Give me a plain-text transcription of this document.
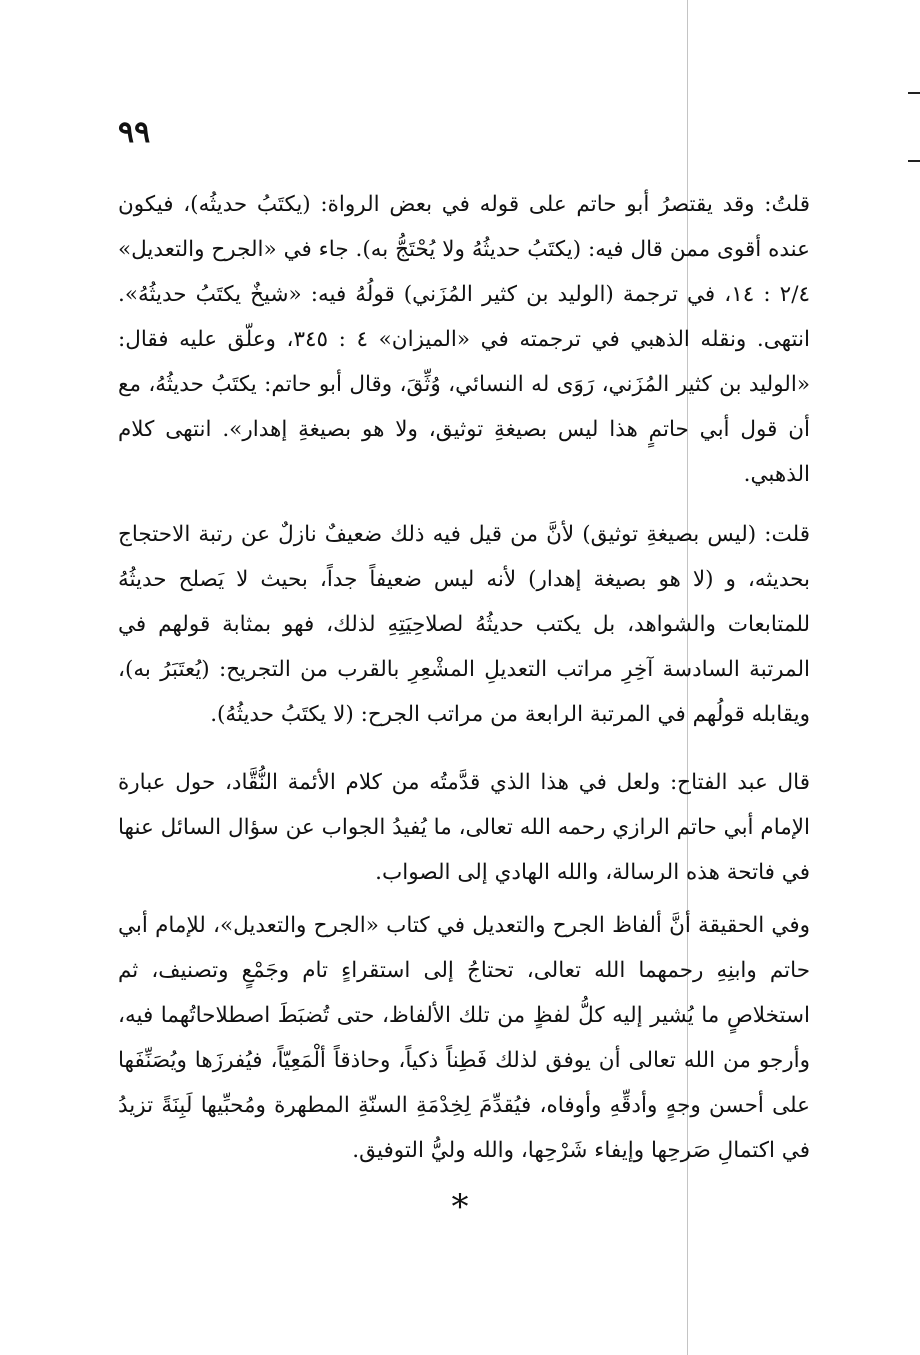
٩٩
قلتُ: وقد يقتصرُ أبو حاتم على قوله في بعض الرواة: (يكتَبُ حديثُه)، فيكون عنده أقوى ممن قال فيه: (يكتَبُ حديثُهُ ولا يُحْتَجُّ به). جاء في «الجرح والتعديل» ٢/٤ : ١٤، في ترجمة (الوليد بن كثير المُزَني) قولُهُ فيه: «شيخٌ يكتَبُ حديثُهُ». انتهى. ونقله الذهبي في ترجمته في «الميزان» ٤ : ٣٤٥، وعلّق عليه فقال: «الوليد بن كثير المُزَني، رَوَى له النسائي، وُثِّقَ، وقال أبو حاتم: يكتَبُ حديثُهُ، مع أن قول أبي حاتمٍ هذا ليس بصيغةِ توثيق، ولا هو بصيغةِ إهدار». انتهى كلام الذهبي.
قلت: (ليس بصيغةِ توثيق) لأنَّ من قيل فيه ذلك ضعيفٌ نازلٌ عن رتبة الاحتجاج بحديثه، و (لا هو بصيغة إهدار) لأنه ليس ضعيفاً جداً، بحيث لا يَصلح حديثُهُ للمتابعات والشواهد، بل يكتب حديثُهُ لصلاحِيَتِهِ لذلك، فهو بمثابة قولهم في المرتبة السادسة آخِرِ مراتب التعديلِ المشْعِرِ بالقرب من التجريح: (يُعتَبَرُ به)، ويقابله قولُهم في المرتبة الرابعة من مراتب الجرح: (لا يكتَبُ حديثُهُ).
قال عبد الفتاح: ولعل في هذا الذي قدَّمتُه من كلام الأئمة النُّقَّاد، حول عبارة الإمام أبي حاتم الرازي رحمه الله تعالى، ما يُفيدُ الجواب عن سؤال السائل عنها في فاتحة هذه الرسالة، والله الهادي إلى الصواب.
وفي الحقيقة أنَّ ألفاظ الجرح والتعديل في كتاب «الجرح والتعديل»، للإمام أبي حاتم وابنِهِ رحمهما الله تعالى، تحتاجُ إلى استقراءٍ تام وجَمْعٍ وتصنيف، ثم استخلاصٍ ما يُشير إليه كلُّ لفظٍ من تلك الألفاظ، حتى تُضبَطَ اصطلاحاتُهما فيه، وأرجو من الله تعالى أن يوفق لذلك فَطِناً ذكياً، وحاذقاً ألْمَعِيّاً، فيُفرزَها ويُصَنِّفَها على أحسن وجهٍ وأدقِّهِ وأوفاه، فيُقدِّمَ لِخِدْمَةِ السنّةِ المطهرة ومُحبِّيها لَبِنَةً تزيدُ في اكتمالِ صَرحِها وإيفاء شَرْحِها، والله وليُّ التوفيق.
*
